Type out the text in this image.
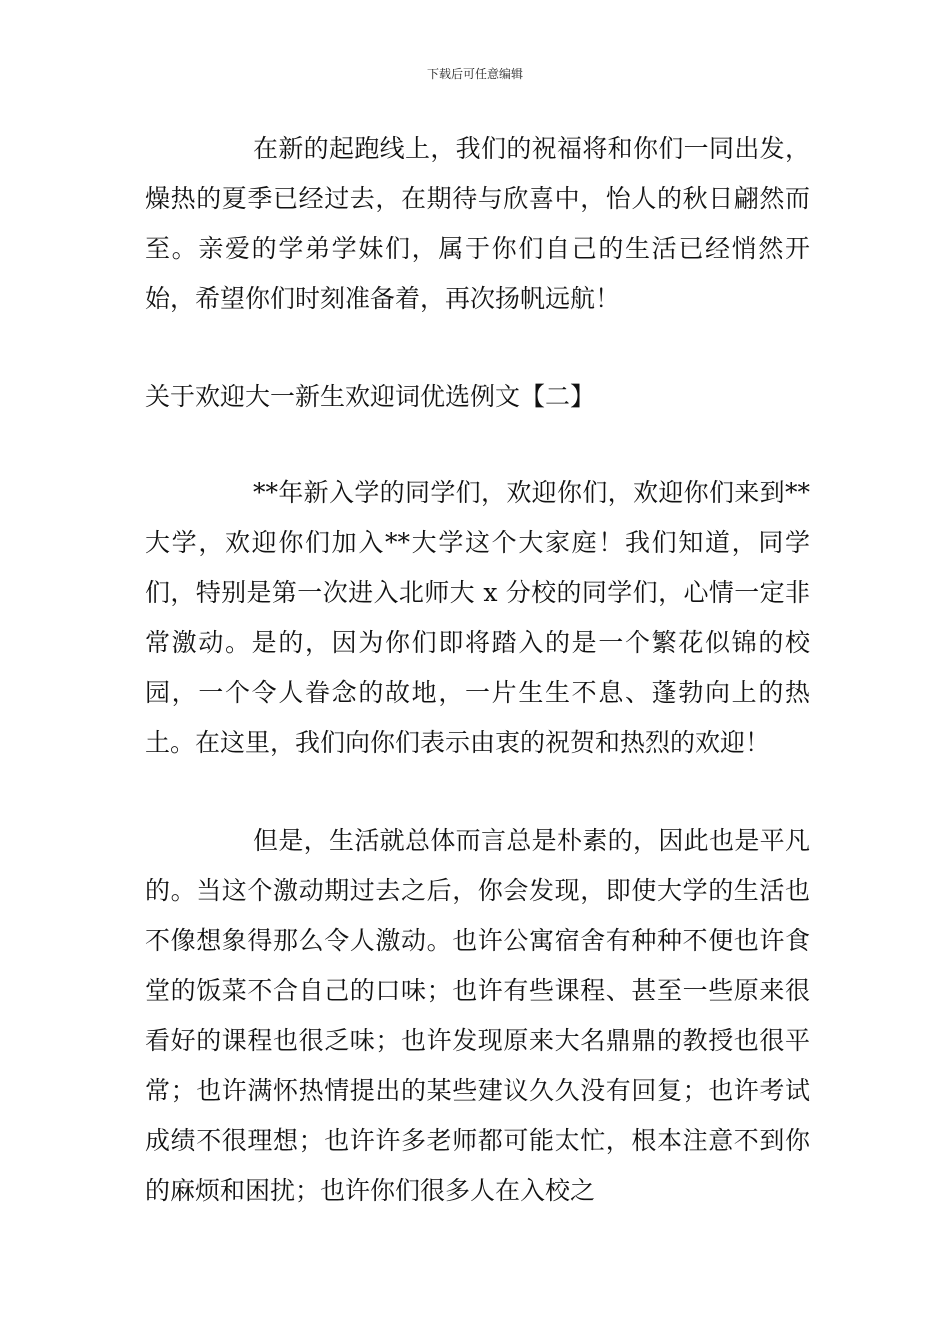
下载后可任意编辑

在新的起跑线上，我们的祝福将和你们一同出发，燥热的夏季已经过去，在期待与欣喜中，怡人的秋日翩然而至。亲爱的学弟学妹们，属于你们自己的生活已经悄然开始，希望你们时刻准备着，再次扬帆远航！

关于欢迎大一新生欢迎词优选例文【二】

**年新入学的同学们，欢迎你们，欢迎你们来到**大学，欢迎你们加入**大学这个大家庭！我们知道，同学们，特别是第一次进入北师大 x 分校的同学们，心情一定非常激动。是的，因为你们即将踏入的是一个繁花似锦的校园，一个令人眷念的故地，一片生生不息、蓬勃向上的热土。在这里，我们向你们表示由衷的祝贺和热烈的欢迎！

但是，生活就总体而言总是朴素的，因此也是平凡的。当这个激动期过去之后，你会发现，即使大学的生活也不像想象得那么令人激动。也许公寓宿舍有种种不便也许食堂的饭菜不合自己的口味；也许有些课程、甚至一些原来很看好的课程也很乏味；也许发现原来大名鼎鼎的教授也很平常；也许满怀热情提出的某些建议久久没有回复；也许考试成绩不很理想；也许许多老师都可能太忙，根本注意不到你的麻烦和困扰；也许你们很多人在入校之
